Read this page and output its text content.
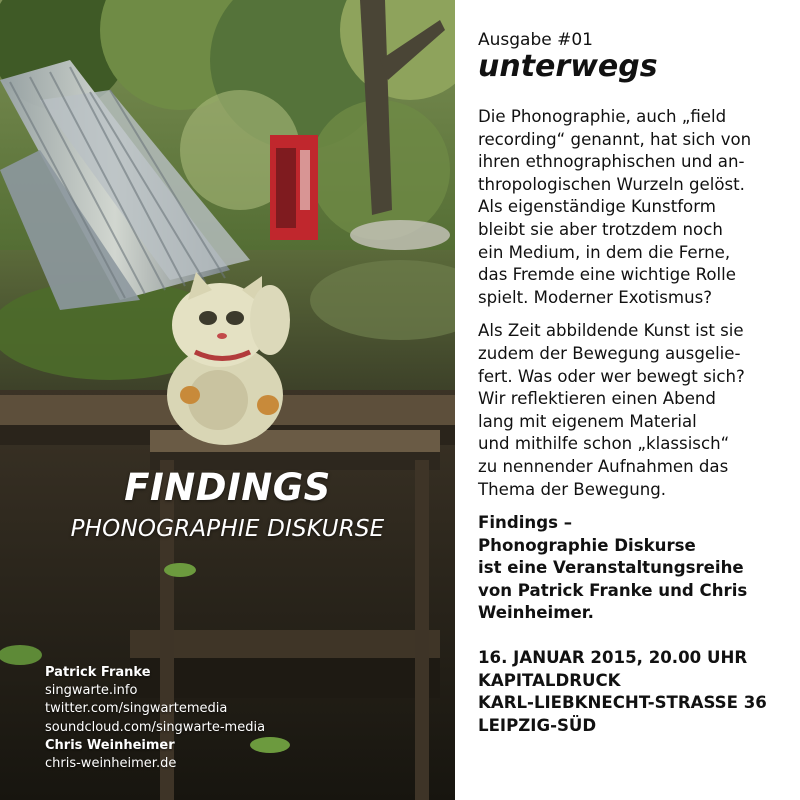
FINDINGS
PHONOGRAPHIE DISKURSE
Patrick Franke
singwarte.info
twitter.com/singwartemedia
soundcloud.com/singwarte-media
Chris Weinheimer
chris-weinheimer.de

Ausgabe #01

unterwegs

Die Phonographie, auch „field
recording“ genannt, hat sich von
ihren ethnographischen und an-
thropologischen Wurzeln gelöst.
Als eigenständige Kunstform
bleibt sie aber trotzdem noch
ein Medium, in dem die Ferne,
das Fremde eine wichtige Rolle
spielt. Moderner Exotismus?

Als Zeit abbildende Kunst ist sie
zudem der Bewegung ausgelie-
fert. Was oder wer bewegt sich?
Wir reflektieren einen Abend
lang mit eigenem Material
und mithilfe schon „klassisch“
zu nennender Aufnahmen das
Thema der Bewegung.

Findings –
Phonographie Diskurse
ist eine Veranstaltungsreihe
von Patrick Franke und Chris
Weinheimer.

16. JANUAR 2015, 20.00 UHR
KAPITALDRUCK
KARL-LIEBKNECHT-STRASSE 36
LEIPZIG-SÜD
